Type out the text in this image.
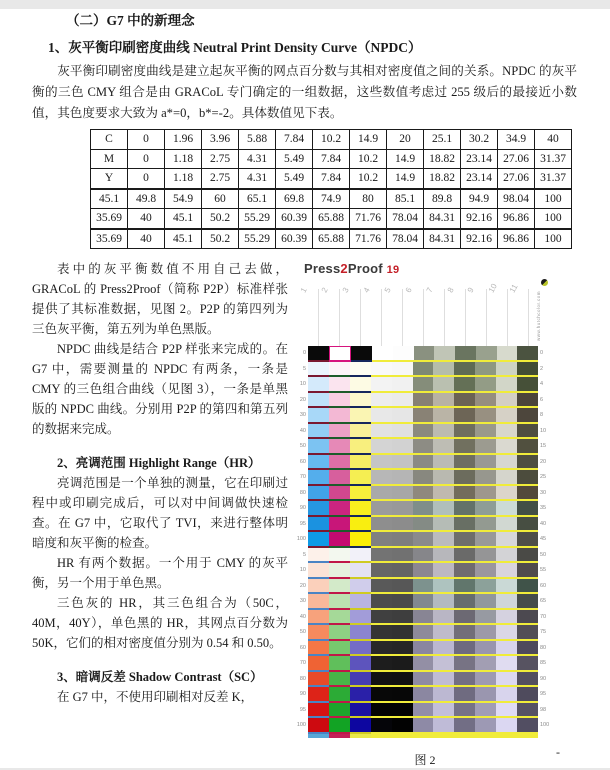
（二）G7 中的新理念
1、灰平衡印刷密度曲线 Neutral Print Density Curve（NPDC）

灰平衡印刷密度曲线是建立起灰平衡的网点百分数与其相对密度值之间的关系。NPDC 的灰平衡的三色 CMY 组合是由 GRACoL 专门确定的一组数据，这些数值考虑过 255 级后的最接近小数值，其色度要求大致为 a*=0，b*=-2。具体数值见下表。

C	0	1.96	3.96	5.88	7.84	10.2	14.9	20	25.1	30.2	34.9	40
M	0	1.18	2.75	4.31	5.49	7.84	10.2	14.9	18.82	23.14	27.06	31.37
Y	0	1.18	2.75	4.31	5.49	7.84	10.2	14.9	18.82	23.14	27.06	31.37
45.1	49.8	54.9	60	65.1	69.8	74.9	80	85.1	89.8	94.9	98.04	100
35.69	40	45.1	50.2	55.29	60.39	65.88	71.76	78.04	84.31	92.16	96.86	100
35.69	40	45.1	50.2	55.29	60.39	65.88	71.76	78.04	84.31	92.16	96.86	100
Press2Proof 19
1	2	3	4	5	6	7	8	9	10	11
www.hutchcolor.com
0	0
5	2
10	4
20	6
30	8
40	10
50	15
60	20
70	25
80	30
90	35
95	40
100	45
5	50
10	55
20	60
30	65
40	70
50	75
60	80
70	85
80	90
90	95
95	98
100	100
图 2

表中的灰平衡数值不用自己去做，GRACoL 的 Press2Proof（简称 P2P）标准样张提供了其标准数据，见图 2。P2P 的第四列为三色灰平衡，第五列为单色黑版。

NPDC 曲线是结合 P2P 样张来完成的。在 G7 中，需要测量的 NPDC 有两条，一条是 CMY 的三色组合曲线（见图 3），一条是单黑版的 NPDC 曲线。分别用 P2P 的第四和第五列的数据来完成。

2、亮调范围 Highlight Range（HR）

亮调范围是一个单独的测量，它在印刷过程中或印刷完成后，可以对中间调做快速检查。在 G7 中，它取代了 TVI，来进行整体明暗度和灰平衡的检查。

HR 有两个数据。一个用于 CMY 的灰平衡，另一个用于单色黑。

三色灰的 HR，其三色组合为（50C，40M，40Y），单色黑的 HR，其网点百分数为 50K，它们的相对密度值分别为 0.54 和 0.50。

3、暗调反差 Shadow Contrast（SC）

在 G7 中，不使用印刷相对反差 K，

-
